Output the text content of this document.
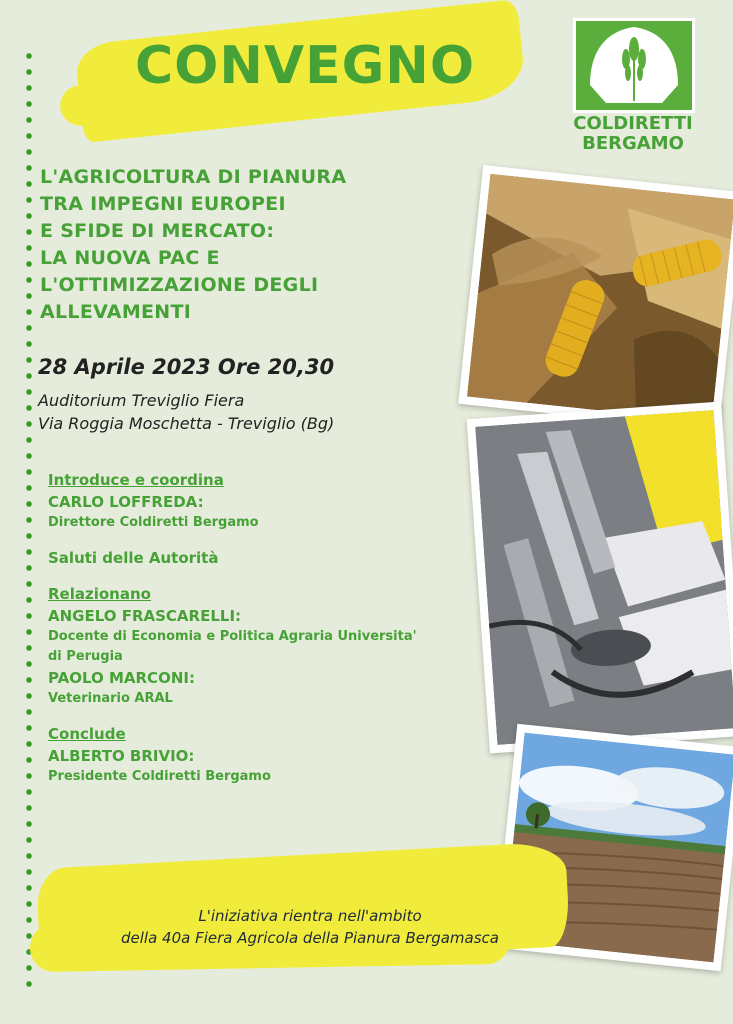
CONVEGNO
COLDIRETTI
BERGAMO
L'AGRICOLTURA DI PIANURA
TRA IMPEGNI EUROPEI
E SFIDE DI MERCATO:
LA NUOVA PAC E
L'OTTIMIZZAZIONE DEGLI
ALLEVAMENTI
28 Aprile 2023 Ore 20,30
Auditorium Treviglio Fiera
Via Roggia Moschetta - Treviglio (Bg)
Introduce e coordina
CARLO LOFFREDA:
Direttore Coldiretti Bergamo
Saluti delle Autorità
Relazionano
ANGELO FRASCARELLI:
Docente di Economia e Politica Agraria Universita'
di Perugia
PAOLO MARCONI:
Veterinario ARAL
Conclude
ALBERTO BRIVIO:
Presidente Coldiretti Bergamo
L'iniziativa rientra nell'ambito
della 40a Fiera Agricola della Pianura Bergamasca
